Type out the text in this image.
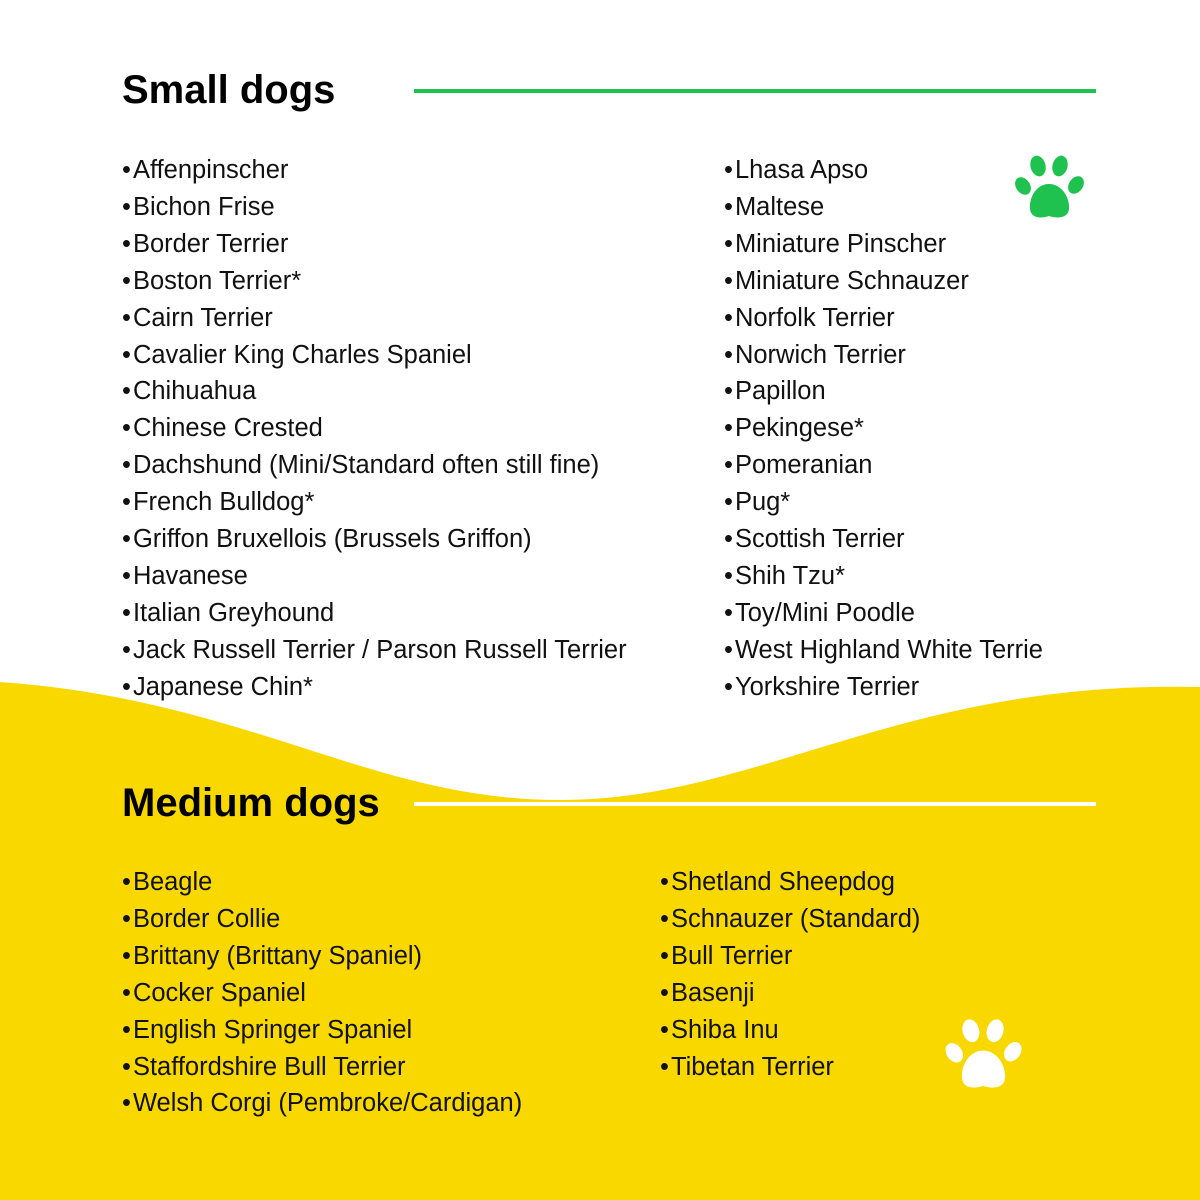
Small dogs
• Affenpinscher
• Bichon Frise
• Border Terrier
• Boston Terrier*
• Cairn Terrier
• Cavalier King Charles Spaniel
• Chihuahua
• Chinese Crested
• Dachshund (Mini/Standard often still fine)
• French Bulldog*
• Griffon Bruxellois (Brussels Griffon)
• Havanese
• Italian Greyhound
• Jack Russell Terrier / Parson Russell Terrier
• Japanese Chin*
• Lhasa Apso
• Maltese
• Miniature Pinscher
• Miniature Schnauzer
• Norfolk Terrier
• Norwich Terrier
• Papillon
• Pekingese*
• Pomeranian
• Pug*
• Scottish Terrier
• Shih Tzu*
• Toy/Mini Poodle
• West Highland White Terrie
• Yorkshire Terrier
Medium dogs
• Beagle
• Border Collie
• Brittany (Brittany Spaniel)
• Cocker Spaniel
• English Springer Spaniel
• Staffordshire Bull Terrier
• Welsh Corgi (Pembroke/Cardigan)
• Shetland Sheepdog
• Schnauzer (Standard)
• Bull Terrier
• Basenji
• Shiba Inu
• Tibetan Terrier
